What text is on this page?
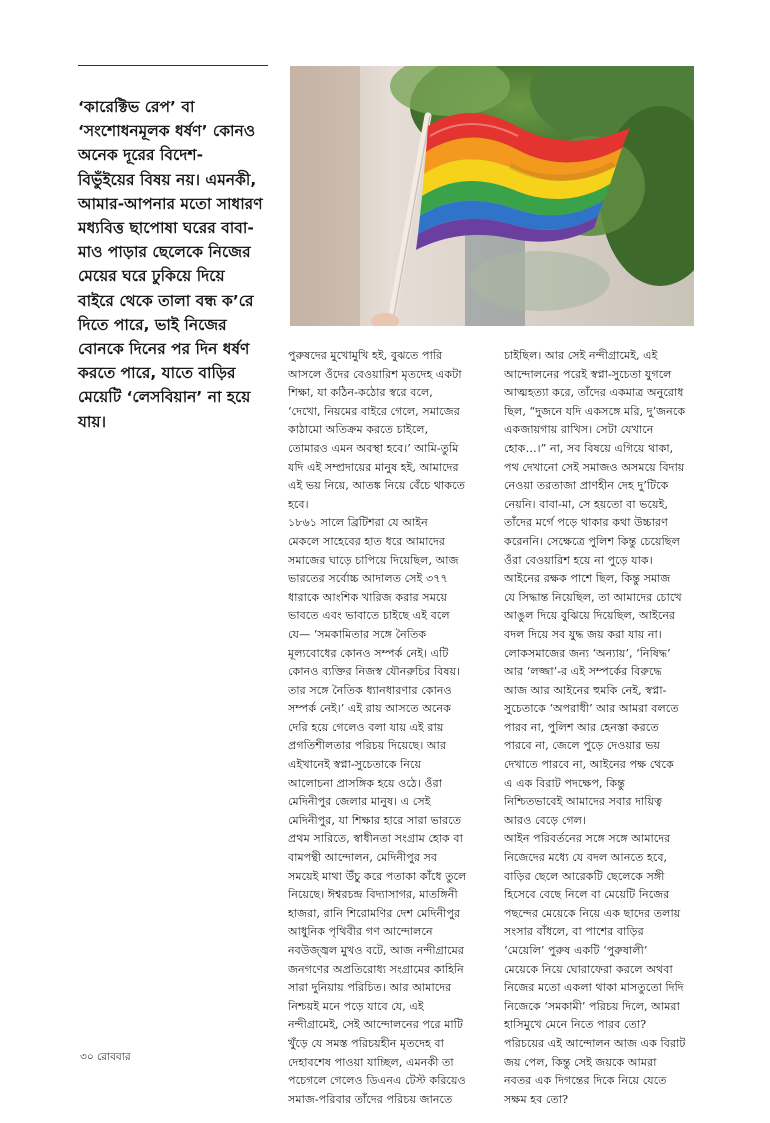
‘কারেক্টিভ রেপ’ বা
‘সংশোধনমূলক ধর্ষণ’ কোনও
অনেক দূরের বিদেশ-
বিভুঁইয়ের বিষয় নয়। এমনকী,
আমার-আপনার মতো সাধারণ
মধ্যবিত্ত ছাপোষা ঘরের বাবা-
মাও পাড়ার ছেলেকে নিজের
মেয়ের ঘরে ঢুকিয়ে দিয়ে
বাইরে থেকে তালা বন্ধ ক’রে
দিতে পারে, ভাই নিজের
বোনকে দিনের পর দিন ধর্ষণ
করতে পারে, যাতে বাড়ির
মেয়েটি ‘লেসবিয়ান’ না হয়ে
যায়।

পুরুষদের মুখোমুখি হই, বুঝতে পারি
আসলে ওঁদের বেওয়ারিশ মৃতদেহ একটা
শিক্ষা, যা কঠিন-কঠোর স্বরে বলে,
‘দেখো, নিয়মের বাইরে গেলে, সমাজের
কাঠামো অতিক্রম করতে চাইলে,
তোমারও এমন অবস্থা হবে।’ আমি-তুমি
যদি এই সম্প্রদায়ের মানুষ হই, আমাদের
এই ভয় নিয়ে, আতঙ্ক নিয়ে বেঁচে থাকতে
হবে।
১৮৬১ সালে ব্রিটিশরা যে আইন
মেকলে সাহেবের হাত ধরে আমাদের
সমাজের ঘাড়ে চাপিয়ে দিয়েছিল, আজ
ভারতের সর্বোচ্চ আদালত সেই ৩৭৭
ধারাকে আংশিক খারিজ করার সময়ে
ভাবতে এবং ভাবাতে চাইছে এই বলে
যে— ‘সমকামিতার সঙ্গে নৈতিক
মূল্যবোধের কোনও সম্পর্ক নেই। এটি
কোনও ব্যক্তির নিজস্ব যৌনরুচির বিষয়।
তার সঙ্গে নৈতিক ধ্যানধারণার কোনও
সম্পর্ক নেই।’ এই রায় আসতে অনেক
দেরি হয়ে গেলেও বলা যায় এই রায়
প্রগতিশীলতার পরিচয় দিয়েছে। আর
এইখানেই স্বপ্না-সুচেতাকে নিয়ে
আলোচনা প্রাসঙ্গিক হয়ে ওঠে। ওঁরা
মেদিনীপুর জেলার মানুষ। এ সেই
মেদিনীপুর, যা শিক্ষার হারে সারা ভারতে
প্রথম সারিতে, স্বাধীনতা সংগ্রাম হোক বা
বামপন্থী আন্দোলন, মেদিনীপুর সব
সময়েই মাথা উঁচু করে পতাকা কাঁধে তুলে
নিয়েছে। ঈশ্বরচন্দ্র বিদ্যাসাগর, মাতঙ্গিনী
হাজরা, রানি শিরোমণির দেশ মেদিনীপুর
আধুনিক পৃথিবীর গণ আন্দোলনে
নবউজ্জ্বল মুখও বটে, আজ নন্দীগ্রামের
জনগণের অপ্রতিরোধ্য সংগ্রামের কাহিনি
সারা দুনিয়ায় পরিচিত। আর আমাদের
নিশ্চয়ই মনে পড়ে যাবে যে, এই
নন্দীগ্রামেই, সেই আন্দোলনের পরে মাটি
খুঁড়ে যে সমস্ত পরিচয়হীন মৃতদেহ বা
দেহাবশেষ পাওয়া যাচ্ছিল, এমনকী তা
পচেগলে গেলেও ডিএনএ টেস্ট করিয়েও
সমাজ-পরিবার তাঁদের পরিচয় জানতে

চাইছিল। আর সেই নন্দীগ্রামেই, এই
আন্দোলনের পরেই স্বপ্না-সুচেতা যুগলে
আত্মহত্যা করে, তাঁদের একমাত্র অনুরোধ
ছিল, “দুজনে যদি একসঙ্গে মরি, দু’জনকে
একজায়গায় রাখিস। সেটা যেখানে
হোক…।” না, সব বিষয়ে এগিয়ে থাকা,
পথ দেখানো সেই সমাজও অসময়ে বিদায়
নেওয়া তরতাজা প্রাণহীন দেহ দু’টিকে
নেয়নি। বাবা-মা, সে হয়তো বা ভয়েই,
তাঁদের মর্গে পড়ে থাকার কথা উচ্চারণ
করেননি। সেক্ষেত্রে পুলিশ কিন্তু চেয়েছিল
ওঁরা বেওয়ারিশ হয়ে না পুড়ে যাক।
আইনের রক্ষক পাশে ছিল, কিন্তু সমাজ
যে সিদ্ধান্ত নিয়েছিল, তা আমাদের চোখে
আঙুল দিয়ে বুঝিয়ে দিয়েছিল, আইনের
বদল দিয়ে সব যুদ্ধ জয় করা যায় না।
লোকসমাজের জন্য ‘অন্যায়’, ‘নিষিদ্ধ’
আর ‘লজ্জা’-র এই সম্পর্কের বিরুদ্ধে
আজ আর আইনের হুমকি নেই, স্বপ্না-
সুচেতাকে ‘অপরাধী’ আর আমরা বলতে
পারব না, পুলিশ আর হেনস্তা করতে
পারবে না, জেলে পুড়ে দেওয়ার ভয়
দেখাতে পারবে না, আইনের পক্ষ থেকে
এ এক বিরাট পদক্ষেপ, কিন্তু
নিশ্চিতভাবেই আমাদের সবার দায়িত্ব
আরও বেড়ে গেল।
আইন পরিবর্তনের সঙ্গে সঙ্গে আমাদের
নিজেদের মধ্যে যে বদল আনতে হবে,
বাড়ির ছেলে আরেকটি ছেলেকে সঙ্গী
হিসেবে বেছে নিলে বা মেয়েটি নিজের
পছন্দের মেয়েকে নিয়ে এক ছাদের তলায়
সংসার বাঁধলে, বা পাশের বাড়ির
‘মেয়েলি’ পুরুষ একটি ‘পুরুষালী’
মেয়েকে নিয়ে ঘোরাফেরা করলে অথবা
নিজের মতো একলা থাকা মাসতুতো দিদি
নিজেকে ‘সমকামী’ পরিচয় দিলে, আমরা
হাসিমুখে মেনে নিতে পারব তো?
পরিচয়ের এই আন্দোলন আজ এক বিরাট
জয় পেল, কিন্তু সেই জয়কে আমরা
নবতর এক দিগন্তের দিকে নিয়ে যেতে
সক্ষম হব তো?

৩০ রোববার
